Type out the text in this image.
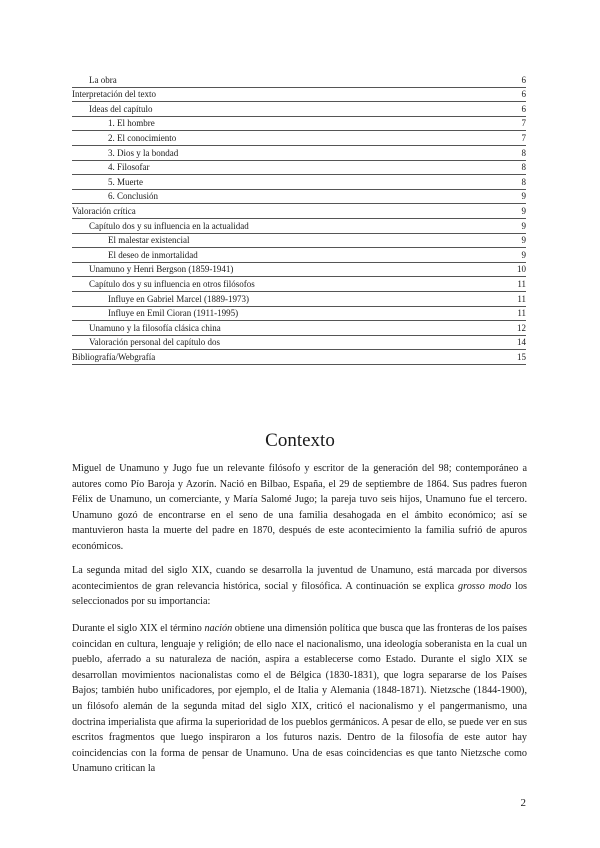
La obra	6
Interpretación del texto	6
Ideas del capítulo	6
1. El hombre	7
2. El conocimiento	7
3. Dios y la bondad	8
4. Filosofar	8
5. Muerte	8
6. Conclusión	9
Valoración crítica	9
Capítulo dos y su influencia en la actualidad	9
El malestar existencial	9
El deseo de inmortalidad	9
Unamuno y Henri Bergson (1859-1941)	10
Capítulo dos y su influencia en otros filósofos	11
Influye en Gabriel Marcel (1889-1973)	11
Influye en Emil Cioran (1911-1995)	11
Unamuno y la filosofía clásica china	12
Valoración personal del capítulo dos	14
Bibliografía/Webgrafía	15
Contexto
Miguel de Unamuno y Jugo fue un relevante filósofo y escritor de la generación del 98; contemporáneo a autores como Pío Baroja y Azorín. Nació en Bilbao, España, el 29 de septiembre de 1864. Sus padres fueron Félix de Unamuno, un comerciante, y María Salomé Jugo; la pareja tuvo seis hijos, Unamuno fue el tercero. Unamuno gozó de encontrarse en el seno de una familia desahogada en el ámbito económico; así se mantuvieron hasta la muerte del padre en 1870, después de este acontecimiento la familia sufrió de apuros económicos.
La segunda mitad del siglo XIX, cuando se desarrolla la juventud de Unamuno, está marcada por diversos acontecimientos de gran relevancia histórica, social y filosófica. A continuación se explica grosso modo los seleccionados por su importancia:
Durante el siglo XIX el término nación obtiene una dimensión política que busca que las fronteras de los países coincidan en cultura, lenguaje y religión; de ello nace el nacionalismo, una ideología soberanista en la cual un pueblo, aferrado a su naturaleza de nación, aspira a establecerse como Estado. Durante el siglo XIX se desarrollan movimientos nacionalistas como el de Bélgica (1830-1831), que logra separarse de los Países Bajos; también hubo unificadores, por ejemplo, el de Italia y Alemania (1848-1871). Nietzsche (1844-1900), un filósofo alemán de la segunda mitad del siglo XIX, criticó el nacionalismo y el pangermanismo, una doctrina imperialista que afirma la superioridad de los pueblos germánicos. A pesar de ello, se puede ver en sus escritos fragmentos que luego inspiraron a los futuros nazis. Dentro de la filosofía de este autor hay coincidencias con la forma de pensar de Unamuno. Una de esas coincidencias es que tanto Nietzsche como Unamuno critican la
2
